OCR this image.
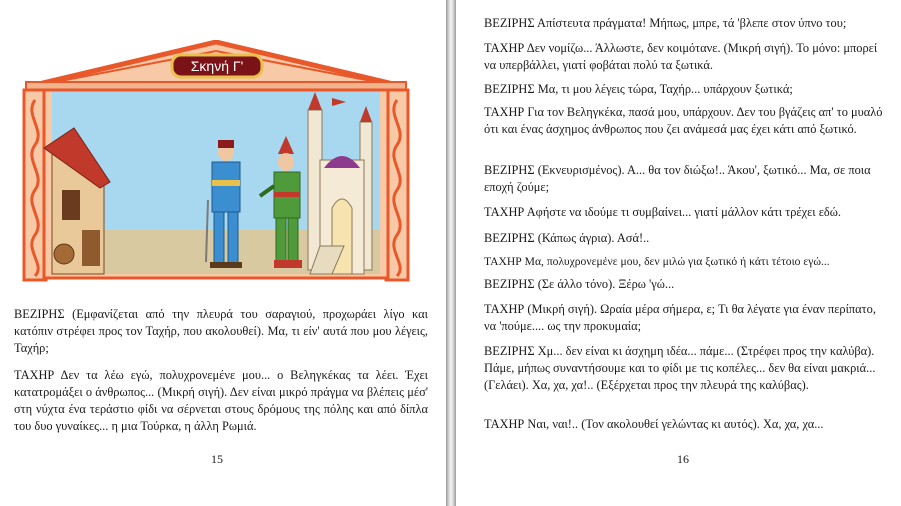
Σκηνή Γ'

ΒΕΖΙΡΗΣ (Εμφανίζεται από την πλευρά του σαραγιού, προχωράει λίγο και κατόπιν στρέφει προς τον Ταχήρ, που ακολουθεί). Μα, τι είν' αυτά που μου λέγεις, Ταχήρ;

ΤΑΧΗΡ Δεν τα λέω εγώ, πολυχρονεμένε μου... ο Βεληγκέκας τα λέει. Έχει κατατρομάξει ο άνθρωπος... (Μικρή σιγή). Δεν είναι μικρό πράγμα να βλέπεις μέσ' στη νύχτα ένα τεράστιο φίδι να σέρνεται στους δρόμους της πόλης και από δίπλα του δυο γυναίκες... η μια Τούρκα, η άλλη Ρωμιά.

15

ΒΕΖΙΡΗΣ Απίστευτα πράγματα! Μήπως, μπρε, τά 'βλεπε στον ύπνο του;

ΤΑΧΗΡ Δεν νομίζω... Άλλωστε, δεν κοιμότανε. (Μικρή σιγή). Το μόνο: μπορεί να υπερβάλλει, γιατί φοβάται πολύ τα ξωτικά.

ΒΕΖΙΡΗΣ Μα, τι μου λέγεις τώρα, Ταχήρ... υπάρχουν ξωτικά;

ΤΑΧΗΡ Για τον Βεληγκέκα, πασά μου, υπάρχουν. Δεν του βγάζεις απ' το μυαλό ότι και ένας άσχημος άνθρωπος που ζει ανάμεσά μας έχει κάτι από ξωτικό.

ΒΕΖΙΡΗΣ (Εκνευρισμένος). Α... θα τον διώξω!.. Άκου', ξωτικό... Μα, σε ποια εποχή ζούμε;

ΤΑΧΗΡ Αφήστε να ιδούμε τι συμβαίνει... γιατί μάλλον κάτι τρέχει εδώ.

ΒΕΖΙΡΗΣ (Κάπως άγρια). Ασά!..

ΤΑΧΗΡ Μα, πολυχρονεμένε μου, δεν μιλώ για ξωτικό ή κάτι τέτοιο εγώ...

ΒΕΖΙΡΗΣ (Σε άλλο τόνο). Ξέρω 'γώ...

ΤΑΧΗΡ (Μικρή σιγή). Ωραία μέρα σήμερα, ε; Τι θα λέγατε για έναν περίπατο, να 'πούμε.... ως την προκυμαία;

ΒΕΖΙΡΗΣ Χμ... δεν είναι κι άσχημη ιδέα... πάμε... (Στρέφει προς την καλύβα). Πάμε, μήπως συναντήσουμε και το φίδι με τις κοπέλες... δεν θα είναι μακριά... (Γελάει). Χα, χα, χα!.. (Εξέρχεται προς την πλευρά της καλύβας).

ΤΑΧΗΡ Ναι, ναι!.. (Τον ακολουθεί γελώντας κι αυτός). Χα, χα, χα...

16
